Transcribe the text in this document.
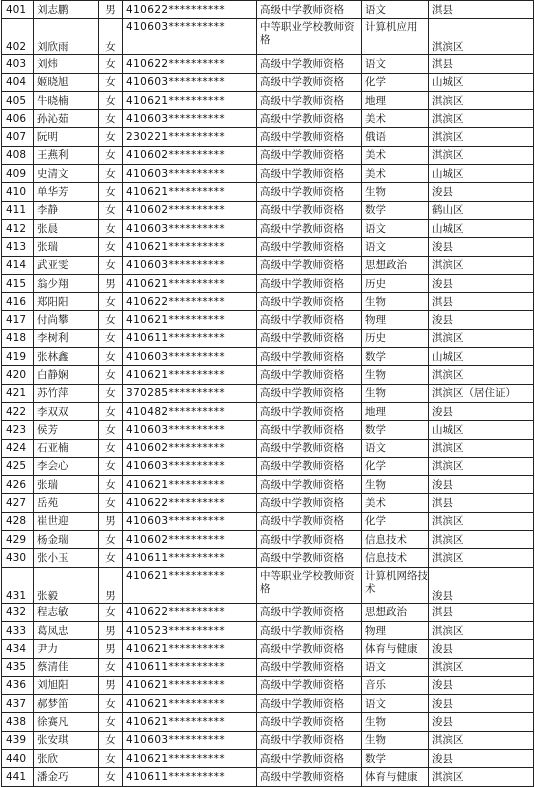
401	刘志鹏	男	410622**********	高级中学教师资格	语文	淇县
402	刘欣雨	女	410603**********	中等职业学校教师资格	计算机应用	淇滨区
403	刘炜	女	410622**********	高级中学教师资格	语文	淇县
404	姬晓旭	女	410603**********	高级中学教师资格	化学	山城区
405	牛晓楠	女	410621**********	高级中学教师资格	地理	淇滨区
406	孙沁茹	女	410603**********	高级中学教师资格	美术	淇滨区
407	阮明	女	230221**********	高级中学教师资格	俄语	淇滨区
408	王燕利	女	410602**********	高级中学教师资格	美术	淇滨区
409	史清文	女	410603**********	高级中学教师资格	美术	山城区
410	单华芳	女	410621**********	高级中学教师资格	生物	浚县
411	李静	女	410602**********	高级中学教师资格	数学	鹤山区
412	张晨	女	410603**********	高级中学教师资格	语文	山城区
413	张瑞	女	410621**********	高级中学教师资格	语文	浚县
414	武亚雯	女	410603**********	高级中学教师资格	思想政治	淇滨区
415	翁少翔	男	410621**********	高级中学教师资格	历史	浚县
416	郑阳阳	女	410622**********	高级中学教师资格	生物	淇县
417	付尚攀	女	410621**********	高级中学教师资格	物理	浚县
418	李树利	女	410611**********	高级中学教师资格	历史	淇滨区
419	张林鑫	女	410603**********	高级中学教师资格	数学	山城区
420	白静娴	女	410621**********	高级中学教师资格	生物	淇滨区
421	苏竹萍	女	370285**********	高级中学教师资格	生物	淇滨区（居住证）
422	李双双	女	410482**********	高级中学教师资格	地理	浚县
423	侯芳	女	410603**********	高级中学教师资格	数学	山城区
424	石亚楠	女	410602**********	高级中学教师资格	语文	淇滨区
425	李会心	女	410603**********	高级中学教师资格	化学	淇滨区
426	张瑞	女	410621**********	高级中学教师资格	生物	浚县
427	岳苑	女	410622**********	高级中学教师资格	美术	淇县
428	崔世迎	男	410603**********	高级中学教师资格	化学	淇滨区
429	杨金瑞	女	410602**********	高级中学教师资格	信息技术	淇滨区
430	张小玉	女	410611**********	高级中学教师资格	信息技术	淇滨区
431	张毅	男	410621**********	中等职业学校教师资格	计算机网络技术	浚县
432	程志敏	女	410622**********	高级中学教师资格	思想政治	淇县
433	葛凤忠	男	410523**********	高级中学教师资格	物理	淇滨区
434	尹力	男	410621**********	高级中学教师资格	体育与健康	浚县
435	蔡清佳	女	410611**********	高级中学教师资格	语文	淇滨区
436	刘旭阳	男	410621**********	高级中学教师资格	音乐	浚县
437	郝梦笛	女	410621**********	高级中学教师资格	语文	浚县
438	徐赛凡	女	410621**********	高级中学教师资格	生物	浚县
439	张安琪	女	410603**********	高级中学教师资格	生物	淇滨区
440	张欣	女	410621**********	高级中学教师资格	数学	浚县
441	潘金巧	女	410611**********	高级中学教师资格	体育与健康	淇滨区
